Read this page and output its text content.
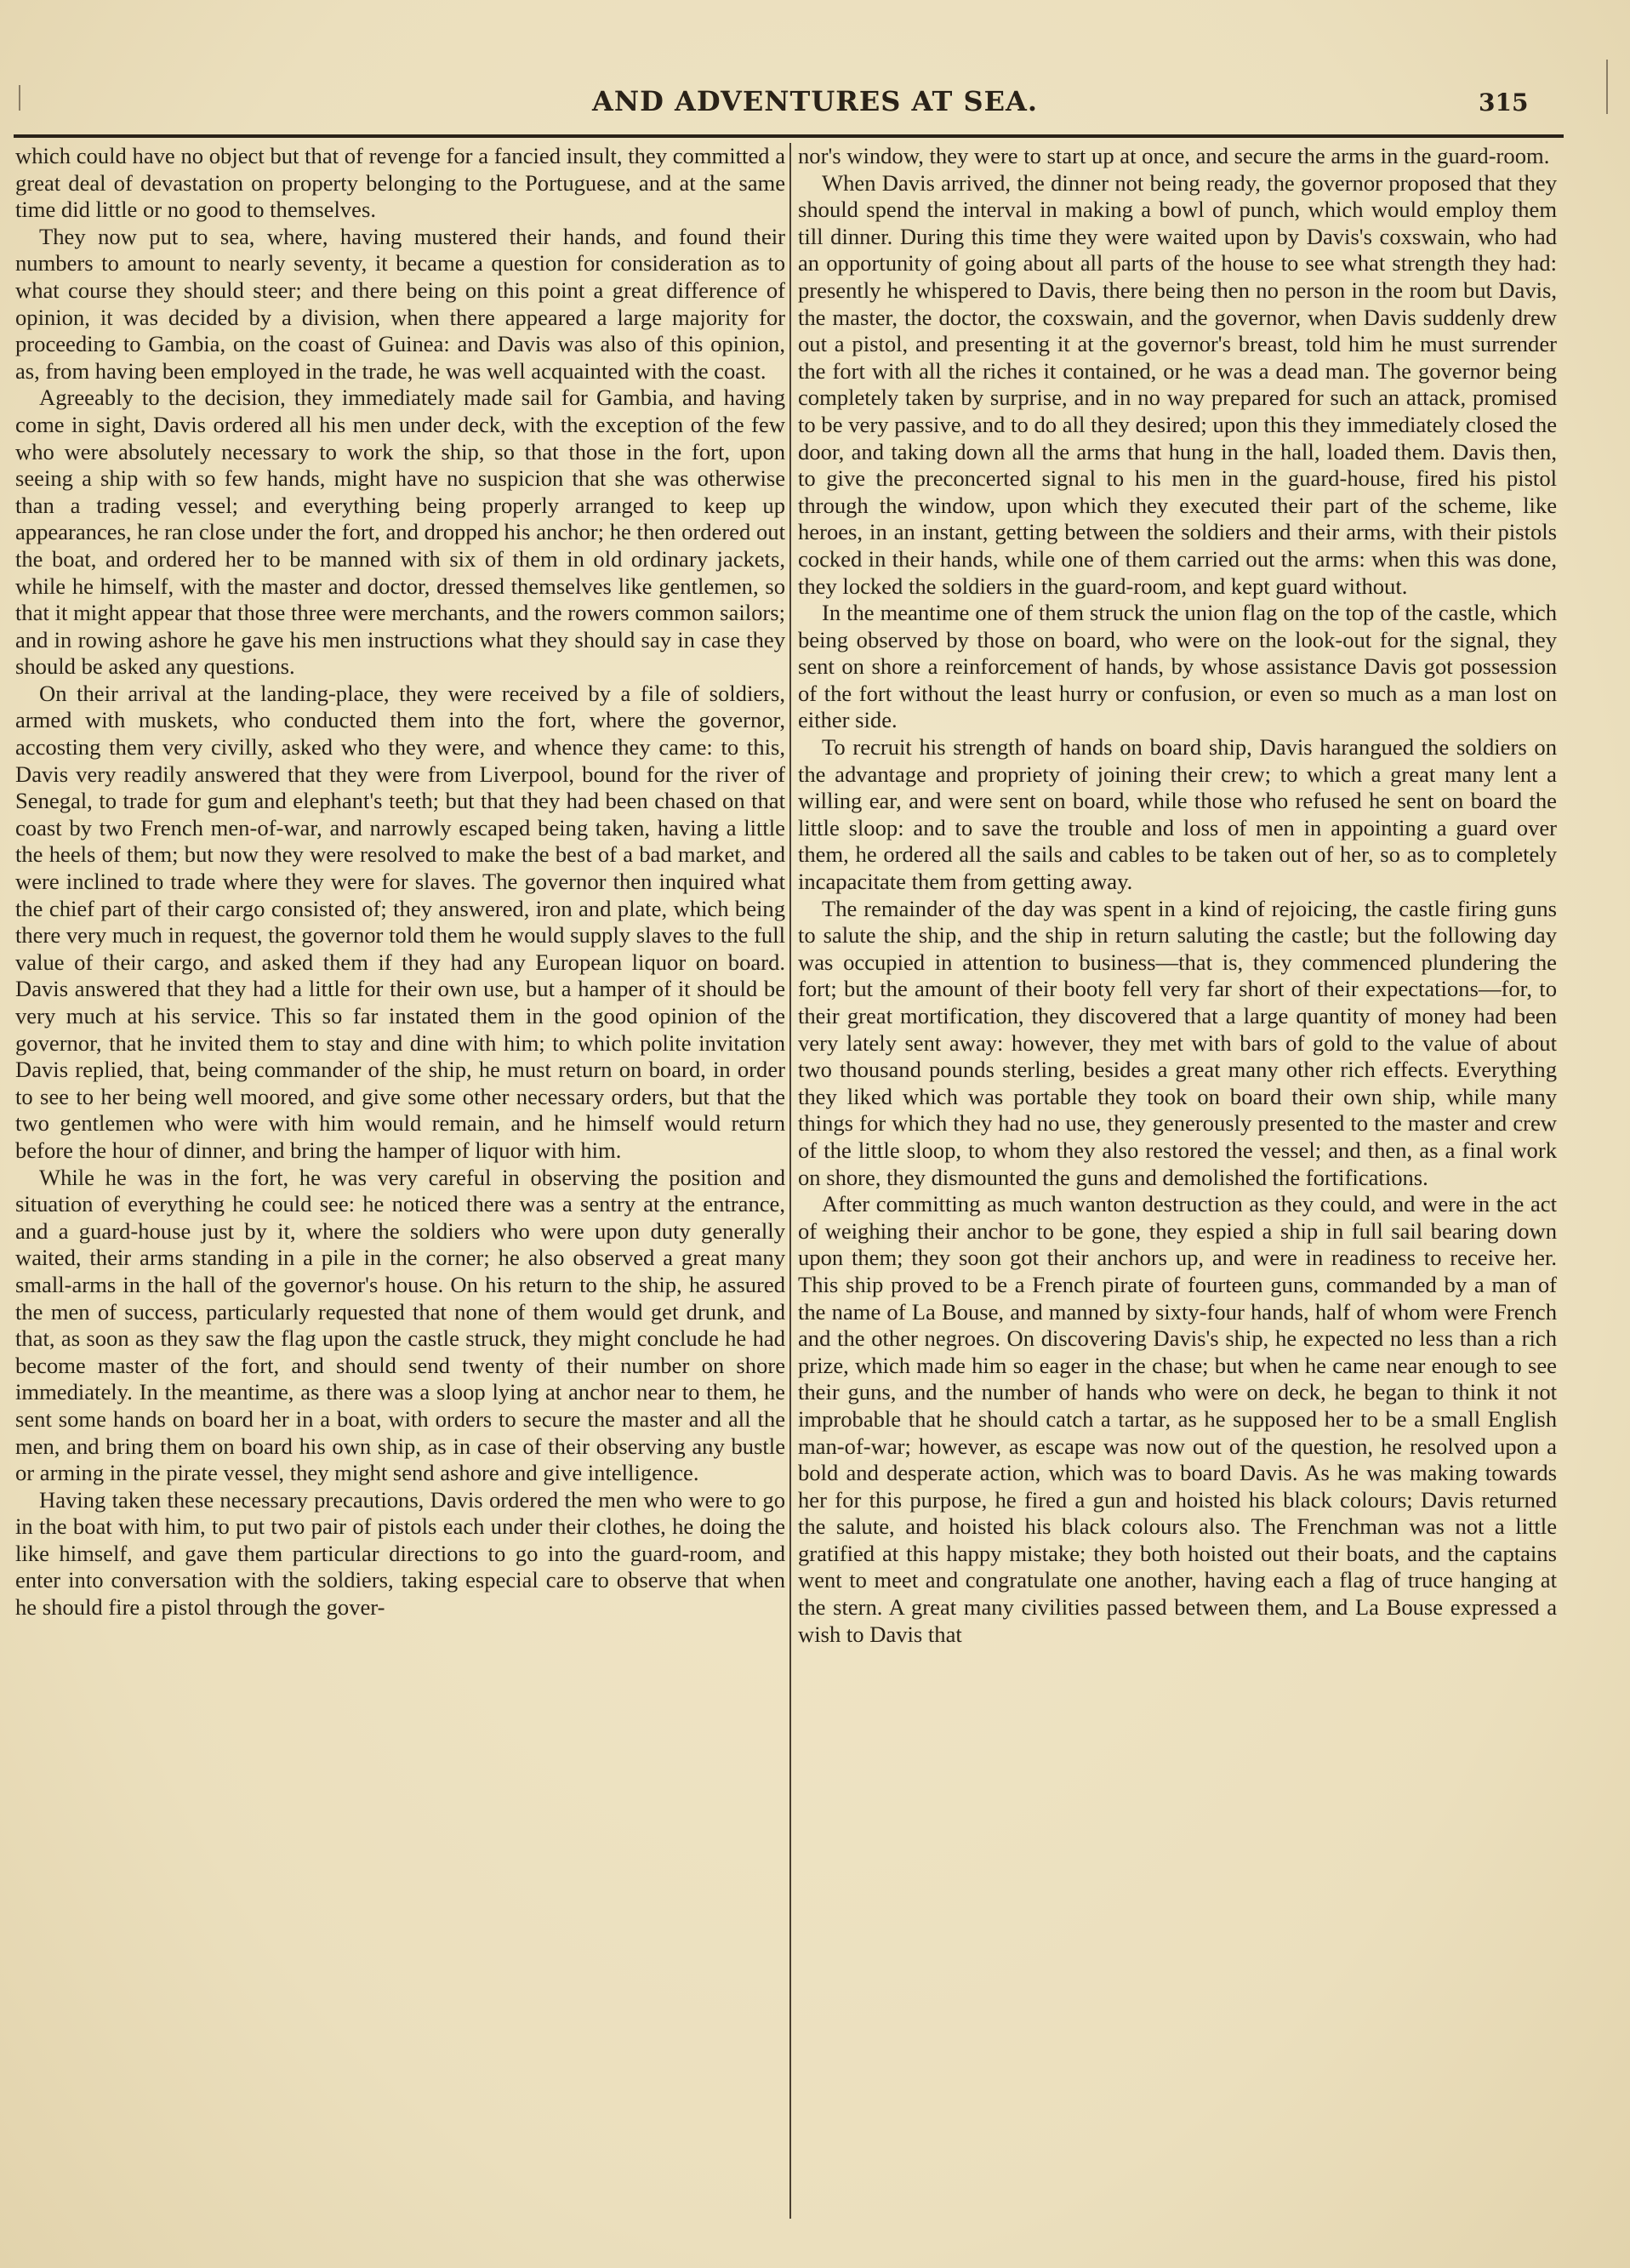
AND ADVENTURES AT SEA.	315

which could have no object but that of revenge for a fancied insult, they committed a great deal of devastation on property belonging to the Portuguese, and at the same time did little or no good to themselves.

They now put to sea, where, having mustered their hands, and found their numbers to amount to nearly seventy, it became a question for consideration as to what course they should steer; and there being on this point a great difference of opinion, it was decided by a division, when there appeared a large majority for proceeding to Gambia, on the coast of Guinea: and Davis was also of this opinion, as, from having been employed in the trade, he was well acquainted with the coast.

Agreeably to the decision, they immediately made sail for Gambia, and having come in sight, Davis ordered all his men under deck, with the exception of the few who were absolutely necessary to work the ship, so that those in the fort, upon seeing a ship with so few hands, might have no suspicion that she was otherwise than a trading vessel; and everything being properly arranged to keep up appearances, he ran close under the fort, and dropped his anchor; he then ordered out the boat, and ordered her to be manned with six of them in old ordinary jackets, while he himself, with the master and doctor, dressed themselves like gentlemen, so that it might appear that those three were merchants, and the rowers common sailors; and in rowing ashore he gave his men instructions what they should say in case they should be asked any questions.

On their arrival at the landing-place, they were received by a file of soldiers, armed with muskets, who conducted them into the fort, where the governor, accosting them very civilly, asked who they were, and whence they came: to this, Davis very readily answered that they were from Liverpool, bound for the river of Senegal, to trade for gum and elephant's teeth; but that they had been chased on that coast by two French men-of-war, and narrowly escaped being taken, having a little the heels of them; but now they were resolved to make the best of a bad market, and were inclined to trade where they were for slaves. The governor then inquired what the chief part of their cargo consisted of; they answered, iron and plate, which being there very much in request, the governor told them he would supply slaves to the full value of their cargo, and asked them if they had any European liquor on board. Davis answered that they had a little for their own use, but a hamper of it should be very much at his service. This so far instated them in the good opinion of the governor, that he invited them to stay and dine with him; to which polite invitation Davis replied, that, being commander of the ship, he must return on board, in order to see to her being well moored, and give some other necessary orders, but that the two gentlemen who were with him would remain, and he himself would return before the hour of dinner, and bring the hamper of liquor with him.

While he was in the fort, he was very careful in observing the position and situation of everything he could see: he noticed there was a sentry at the entrance, and a guard-house just by it, where the soldiers who were upon duty generally waited, their arms standing in a pile in the corner; he also observed a great many small-arms in the hall of the governor's house. On his return to the ship, he assured the men of success, particularly requested that none of them would get drunk, and that, as soon as they saw the flag upon the castle struck, they might conclude he had become master of the fort, and should send twenty of their number on shore immediately. In the meantime, as there was a sloop lying at anchor near to them, he sent some hands on board her in a boat, with orders to secure the master and all the men, and bring them on board his own ship, as in case of their observing any bustle or arming in the pirate vessel, they might send ashore and give intelligence.

Having taken these necessary precautions, Davis ordered the men who were to go in the boat with him, to put two pair of pistols each under their clothes, he doing the like himself, and gave them particular directions to go into the guard-room, and enter into conversation with the soldiers, taking especial care to observe that when he should fire a pistol through the gover-

nor's window, they were to start up at once, and secure the arms in the guard-room.

When Davis arrived, the dinner not being ready, the governor proposed that they should spend the interval in making a bowl of punch, which would employ them till dinner. During this time they were waited upon by Davis's coxswain, who had an opportunity of going about all parts of the house to see what strength they had: presently he whispered to Davis, there being then no person in the room but Davis, the master, the doctor, the coxswain, and the governor, when Davis suddenly drew out a pistol, and presenting it at the governor's breast, told him he must surrender the fort with all the riches it contained, or he was a dead man. The governor being completely taken by surprise, and in no way prepared for such an attack, promised to be very passive, and to do all they desired; upon this they immediately closed the door, and taking down all the arms that hung in the hall, loaded them. Davis then, to give the preconcerted signal to his men in the guard-house, fired his pistol through the window, upon which they executed their part of the scheme, like heroes, in an instant, getting between the soldiers and their arms, with their pistols cocked in their hands, while one of them carried out the arms: when this was done, they locked the soldiers in the guard-room, and kept guard without.

In the meantime one of them struck the union flag on the top of the castle, which being observed by those on board, who were on the look-out for the signal, they sent on shore a reinforcement of hands, by whose assistance Davis got possession of the fort without the least hurry or confusion, or even so much as a man lost on either side.

To recruit his strength of hands on board ship, Davis harangued the soldiers on the advantage and propriety of joining their crew; to which a great many lent a willing ear, and were sent on board, while those who refused he sent on board the little sloop: and to save the trouble and loss of men in appointing a guard over them, he ordered all the sails and cables to be taken out of her, so as to completely incapacitate them from getting away.

The remainder of the day was spent in a kind of rejoicing, the castle firing guns to salute the ship, and the ship in return saluting the castle; but the following day was occupied in attention to business—that is, they commenced plundering the fort; but the amount of their booty fell very far short of their expectations—for, to their great mortification, they discovered that a large quantity of money had been very lately sent away: however, they met with bars of gold to the value of about two thousand pounds sterling, besides a great many other rich effects. Everything they liked which was portable they took on board their own ship, while many things for which they had no use, they generously presented to the master and crew of the little sloop, to whom they also restored the vessel; and then, as a final work on shore, they dismounted the guns and demolished the fortifications.

After committing as much wanton destruction as they could, and were in the act of weighing their anchor to be gone, they espied a ship in full sail bearing down upon them; they soon got their anchors up, and were in readiness to receive her. This ship proved to be a French pirate of fourteen guns, commanded by a man of the name of La Bouse, and manned by sixty-four hands, half of whom were French and the other negroes. On discovering Davis's ship, he expected no less than a rich prize, which made him so eager in the chase; but when he came near enough to see their guns, and the number of hands who were on deck, he began to think it not improbable that he should catch a tartar, as he supposed her to be a small English man-of-war; however, as escape was now out of the question, he resolved upon a bold and desperate action, which was to board Davis. As he was making towards her for this purpose, he fired a gun and hoisted his black colours; Davis returned the salute, and hoisted his black colours also. The Frenchman was not a little gratified at this happy mistake; they both hoisted out their boats, and the captains went to meet and congratulate one another, having each a flag of truce hanging at the stern. A great many civilities passed between them, and La Bouse expressed a wish to Davis that
